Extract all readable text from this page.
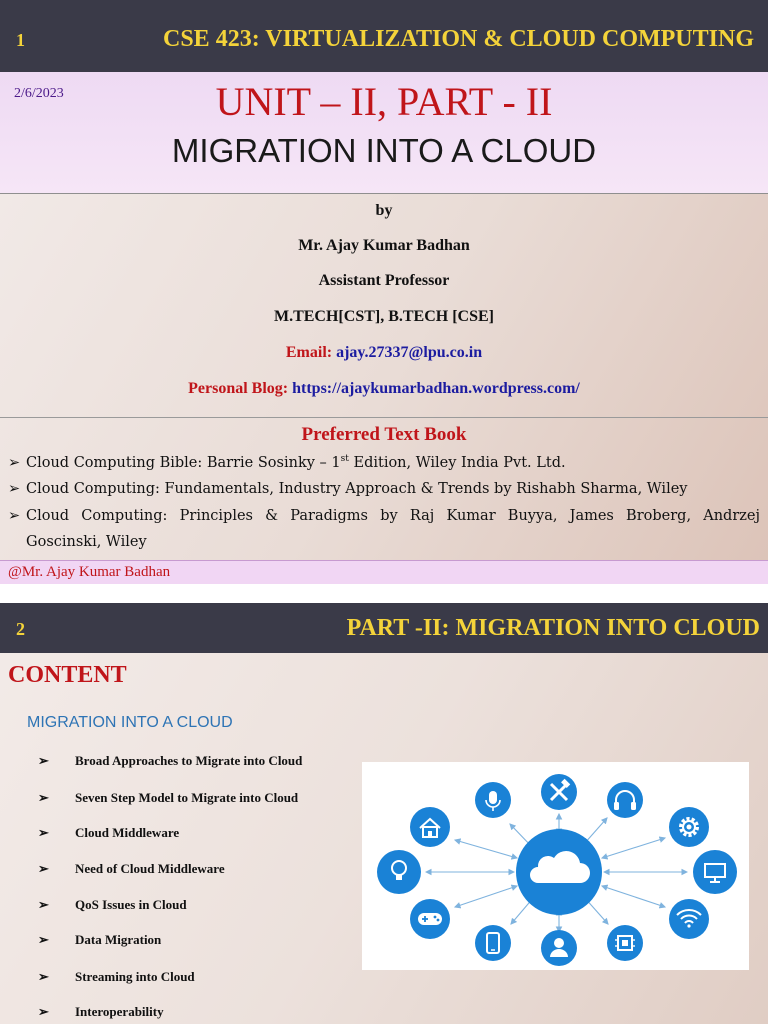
1	CSE 423: VIRTUALIZATION & CLOUD COMPUTING
2/6/2023	UNIT – II, PART - II
MIGRATION INTO A CLOUD
by
Mr. Ajay Kumar Badhan
Assistant Professor
M.TECH[CST], B.TECH [CSE]
Email: ajay.27337@lpu.co.in
Personal Blog: https://ajaykumarbadhan.wordpress.com/
Preferred Text Book
➢ Cloud Computing Bible: Barrie Sosinky – 1st Edition, Wiley India Pvt. Ltd.
➢ Cloud Computing: Fundamentals, Industry Approach & Trends by Rishabh Sharma, Wiley
➢ Cloud Computing: Principles & Paradigms by Raj Kumar Buyya, James Broberg, Andrzej
Goscinski, Wiley
@Mr. Ajay Kumar Badhan
2	PART -II: MIGRATION INTO CLOUD
CONTENT
MIGRATION INTO A CLOUD
➢ Broad Approaches to Migrate into Cloud
➢ Seven Step Model to Migrate into Cloud
➢ Cloud Middleware
➢ Need of Cloud Middleware
➢ QoS Issues in Cloud
➢ Data Migration
➢ Streaming into Cloud
➢ Interoperability
